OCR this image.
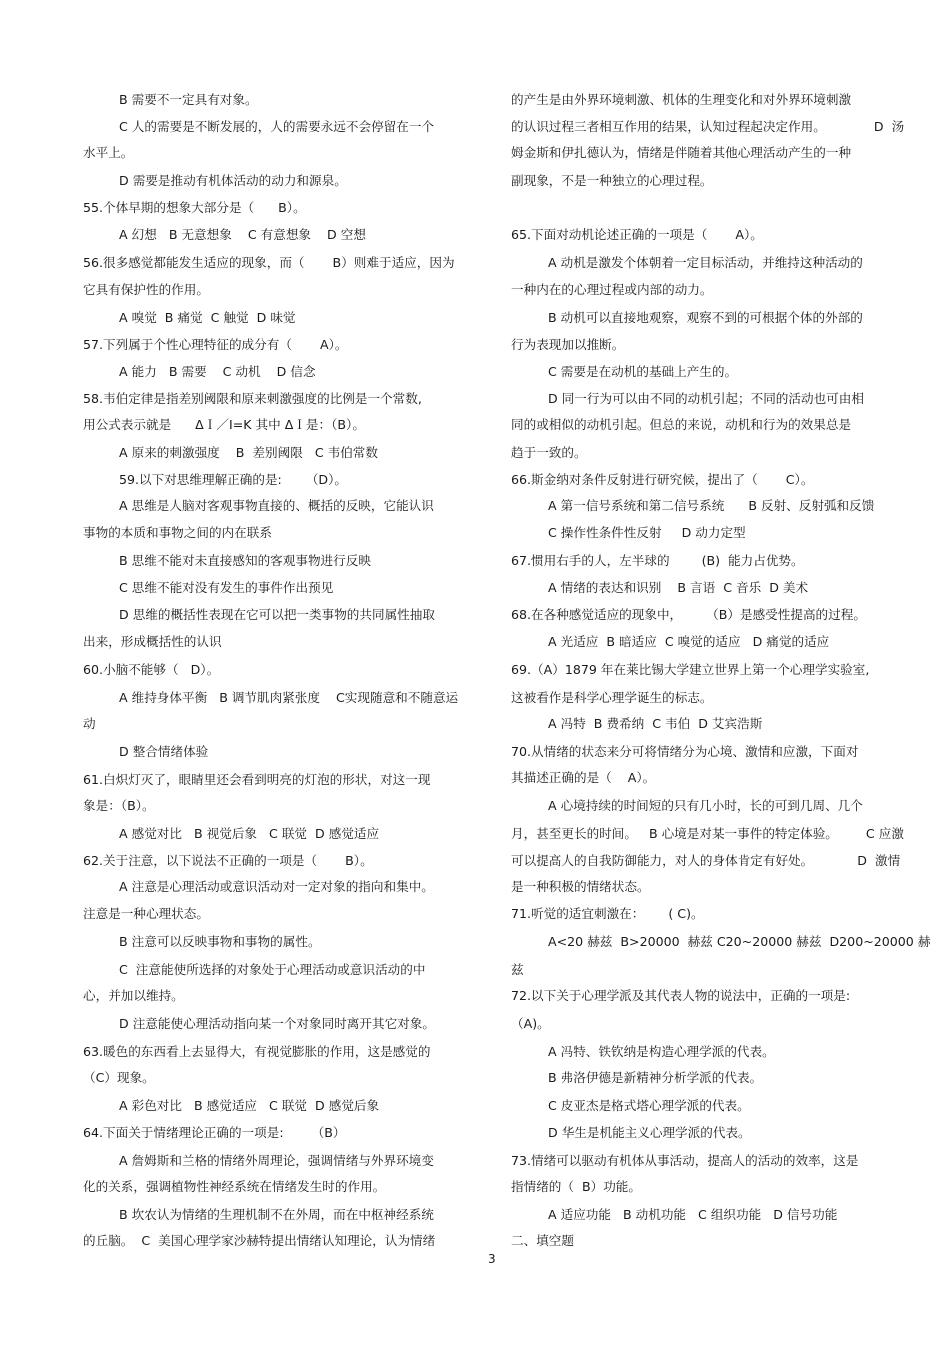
B 需要不一定具有对象。
C 人的需要是不断发展的，人的需要永远不会停留在一个
水平上。
D 需要是推动有机体活动的动力和源泉。
55.个体早期的想象大部分是（      B）。
A 幻想   B 无意想象    C 有意想象    D 空想
56.很多感觉都能发生适应的现象，而（       B）则难于适应，因为
它具有保护性的作用。
A 嗅觉  B 痛觉  C 触觉  D 味觉
57.下列属于个性心理特征的成分有（       A）。
A 能力   B 需要    C 动机    D 信念
58.韦伯定律是指差别阈限和原来刺激强度的比例是一个常数,
用公式表示就是      ΔＩ／I=K 其中 ΔＩ是：（B）。
A 原来的刺激强度    B  差别阈限   C 韦伯常数
59.以下对思维理解正确的是:      （D）。
A 思维是人脑对客观事物直接的、概括的反映，它能认识
事物的本质和事物之间的内在联系
B 思维不能对未直接感知的客观事物进行反映
C 思维不能对没有发生的事件作出预见
D 思维的概括性表现在它可以把一类事物的共同属性抽取
出来，形成概括性的认识
60.小脑不能够（   D）。
A 维持身体平衡   B 调节肌肉紧张度    C实现随意和不随意运
动
D 整合情绪体验
61.白炽灯灭了，眼睛里还会看到明亮的灯泡的形状，对这一现
象是：（B）。
A 感觉对比   B 视觉后象   C 联觉  D 感觉适应
62.关于注意，以下说法不正确的一项是（       B）。
A 注意是心理活动或意识活动对一定对象的指向和集中。
注意是一种心理状态。
B 注意可以反映事物和事物的属性。
C  注意能使所选择的对象处于心理活动或意识活动的中
心，并加以维持。
D 注意能使心理活动指向某一个对象同时离开其它对象。
63.暖色的东西看上去显得大，有视觉膨胀的作用，这是感觉的
（C）现象。
A 彩色对比   B 感觉适应   C 联觉  D 感觉后象
64.下面关于情绪理论正确的一项是:       （B）
A 詹姆斯和兰格的情绪外周理论，强调情绪与外界环境变
化的关系，强调植物性神经系统在情绪发生时的作用。
B 坎农认为情绪的生理机制不在外周，而在中枢神经系统
的丘脑。  C  美国心理学家沙赫特提出情绪认知理论，认为情绪
的产生是由外界环境刺激、机体的生理变化和对外界环境刺激
的认识过程三者相互作用的结果，认知过程起决定作用。            D  汤
姆金斯和伊扎德认为，情绪是伴随着其他心理活动产生的一种
副现象，不是一种独立的心理过程。
65.下面对动机论述正确的一项是（       A）。
A 动机是激发个体朝着一定目标活动，并维持这种活动的
一种内在的心理过程或内部的动力。
B 动机可以直接地观察，观察不到的可根据个体的外部的
行为表现加以推断。
C 需要是在动机的基础上产生的。
D 同一行为可以由不同的动机引起；不同的活动也可由相
同的或相似的动机引起。但总的来说，动机和行为的效果总是
趋于一致的。
66.斯金纳对条件反射进行研究候，提出了（       C）。
A 第一信号系统和第二信号系统      B 反射、反射弧和反馈
C 操作性条件性反射     D 动力定型
67.惯用右手的人，左半球的        (B)  能力占优势。
A 情绪的表达和识别    B 言语  C 音乐  D 美术
68.在各种感觉适应的现象中，      （B）是感受性提高的过程。
A 光适应  B 暗适应  C 嗅觉的适应   D 痛觉的适应
69.（A）1879 年在莱比锡大学建立世界上第一个心理学实验室,
这被看作是科学心理学诞生的标志。
A 冯特  B 费希纳  C 韦伯  D 艾宾浩斯
70.从情绪的状态来分可将情绪分为心境、激情和应激，下面对
其描述正确的是（    A）。
A 心境持续的时间短的只有几小时，长的可到几周、几个
月，甚至更长的时间。   B 心境是对某一事件的特定体验。       C 应激
可以提高人的自我防御能力，对人的身体肯定有好处。           D  激情
是一种积极的情绪状态。
71.听觉的适宜刺激在：      ( C)。
A<20 赫兹  B>20000  赫兹 C20~20000 赫兹  D200~20000 赫
兹
72.以下关于心理学派及其代表人物的说法中，正确的一项是:
（A)。
A 冯特、铁钦纳是构造心理学派的代表。
B 弗洛伊德是新精神分析学派的代表。
C 皮亚杰是格式塔心理学派的代表。
D 华生是机能主义心理学派的代表。
73.情绪可以驱动有机体从事活动，提高人的活动的效率，这是
指情绪的（  B）功能。
A 适应功能   B 动机功能   C 组织功能   D 信号功能
二、填空题
3
